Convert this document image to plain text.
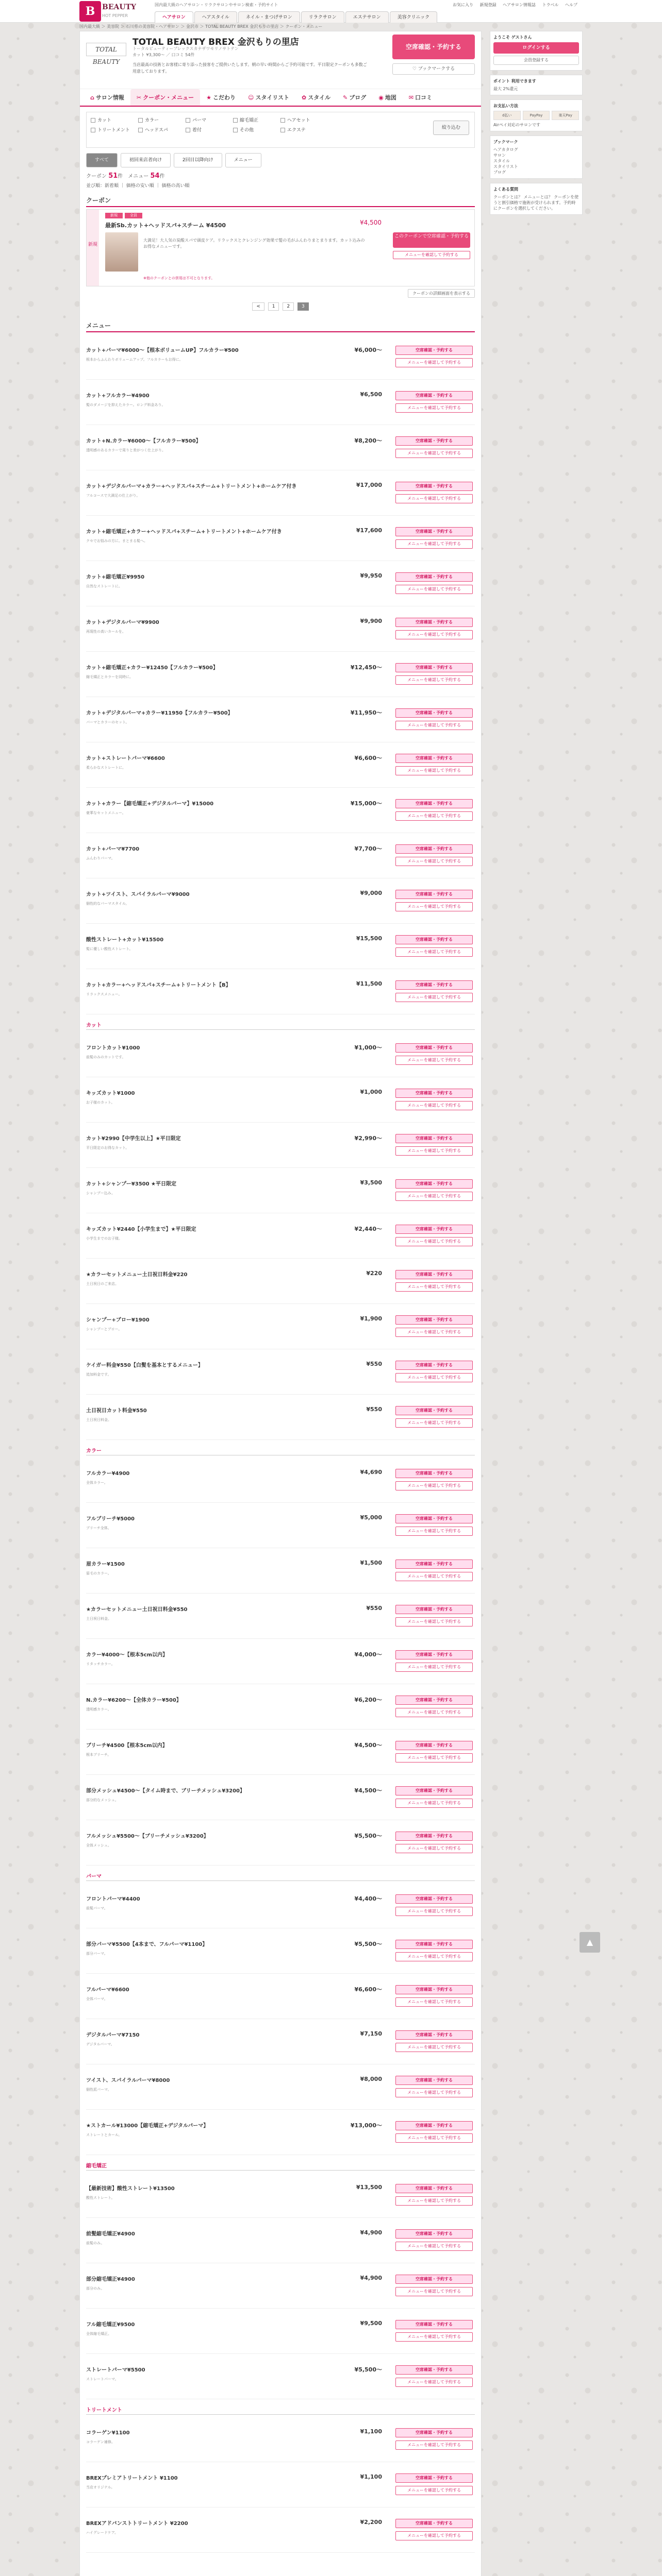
B BEAUTY
HOT PEPPER
国内最大級のヘアサロン・リラクサロンやサロン検索・予約サイト	お気に入り 新規登録 ヘアサロン情報誌 トラベル ヘルプ
ヘアサロン	ヘアスタイル	ネイル・まつげサロン	リラクサロン	エステサロン	美容クリニック
国内最大級 ＞ 美容院 ＞ 石川県の美容院・ヘアサロン ＞ 金沢市 ＞ TOTAL BEAUTY BREX 金沢もりの里店 ＞ クーポン・メニュー
TOTAL BEAUTY
TOTAL BEAUTY BREX 金沢もりの里店
トータルビューティーブレックスカナザワモリノサトテン
カット ¥3,300～ ／ 口コミ 54件
当店最高の技術とお客様に寄り添った接客をご提供いたします。朝の早い時間からご予約可能です。平日限定クーポンも多数ご用意しております。
空席確認・予約する
♡ ブックマークする
⌂ サロン情報	✂ クーポン・メニュー	★ こだわり	☺ スタイリスト	✿ スタイル	✎ ブログ	◉ 地図	✉ 口コミ
カット	カラー	パーマ	縮毛矯正	ヘアセット
トリートメント	ヘッドスパ	着付	その他	エクステ	絞り込む
すべて	初回来店者向け	2回目以降向け	メニュー
クーポン 51件　メニュー 54件
並び順：新着順 ｜ 価格の安い順 ｜ 価格の高い順
クーポン
新規
新規	全員
最新Sb.カット+ヘッドスパ+スチーム ¥4500	¥4,500
大満足！大人気の炭酸スパで頭皮ケア。リラックスとクレンジング効果で髪の毛がふんわりまとまります。カット込みのお得なメニューです。
このクーポンで空席確認・予約する
メニューを確認して予約する
※他のクーポンとの併用は不可となります。
クーポンの詳細画面を表示する
<	1	2	3
メニュー
カット+パーマ¥6000～【根本ボリュームUP】フルカラー¥500	¥6,000～
根本からふんわりボリュームアップ。フルカラーもお得に。
空席確認・予約する
メニューを確認して予約する
カット+フルカラー¥4900	¥6,500
髪のダメージを抑えたカラー。ロング料金あり。
空席確認・予約する
メニューを確認して予約する
カット+N.カラー¥6000～【フルカラー¥500】	¥8,200～
透明感のあるカラーで周りと差がつく仕上がり。
空席確認・予約する
メニューを確認して予約する
カット+デジタルパーマ+カラー+ヘッドスパ+スチーム+トリートメント+ホームケア付き	¥17,000
フルコースで大満足の仕上がり。
空席確認・予約する
メニューを確認して予約する
カット+縮毛矯正+カラー+ヘッドスパ+スチーム+トリートメント+ホームケア付き	¥17,600
クセでお悩みの方に。まとまる髪へ。
空席確認・予約する
メニューを確認して予約する
カット+縮毛矯正¥9950	¥9,950
自然なストレートに。
空席確認・予約する
メニューを確認して予約する
カット+デジタルパーマ¥9900	¥9,900
再現性の高いカールを。
空席確認・予約する
メニューを確認して予約する
カット+縮毛矯正+カラー¥12450【フルカラー¥500】	¥12,450～
縮毛矯正とカラーを同時に。
空席確認・予約する
メニューを確認して予約する
カット+デジタルパーマ+カラー¥11950【フルカラー¥500】	¥11,950～
パーマとカラーのセット。
空席確認・予約する
メニューを確認して予約する
カット+ストレートパーマ¥6600	¥6,600～
柔らかなストレートに。
空席確認・予約する
メニューを確認して予約する
カット+カラー【縮毛矯正+デジタルパーマ】¥15000	¥15,000～
豪華なセットメニュー。
空席確認・予約する
メニューを確認して予約する
カット+パーマ¥7700	¥7,700～
ふんわりパーマ。
空席確認・予約する
メニューを確認して予約する
カット+ツイスト、スパイラルパーマ¥9000	¥9,000
個性的なパーマスタイル。
空席確認・予約する
メニューを確認して予約する
酸性ストレート+カット¥15500	¥15,500
髪に優しい酸性ストレート。
空席確認・予約する
メニューを確認して予約する
カット+カラー+ヘッドスパ+スチーム+トリートメント【B】	¥11,500
リラックスメニュー。
空席確認・予約する
メニューを確認して予約する
カット
フロントカット¥1000	¥1,000～
前髪のみのカットです。
空席確認・予約する
メニューを確認して予約する
キッズカット¥1000	¥1,000
お子様のカット。
空席確認・予約する
メニューを確認して予約する
カット¥2990【中学生以上】★平日限定	¥2,990～
平日限定のお得なカット。
空席確認・予約する
メニューを確認して予約する
カット+シャンプー¥3500 ★平日限定	¥3,500
シャンプー込み。
空席確認・予約する
メニューを確認して予約する
キッズカット¥2440【小学生まで】★平日限定	¥2,440～
小学生までのお子様。
空席確認・予約する
メニューを確認して予約する
★カラーセットメニュー土日祝日料金¥220	¥220
土日祝日のご来店。
空席確認・予約する
メニューを確認して予約する
シャンプー+ブロー¥1900	¥1,900
シャンプーとブロー。
空席確認・予約する
メニューを確認して予約する
ケイガー料金¥550【白髪を基本とするメニュー】	¥550
追加料金です。
空席確認・予約する
メニューを確認して予約する
土日祝日カット料金¥550	¥550
土日祝日料金。
空席確認・予約する
メニューを確認して予約する
カラー
フルカラー¥4900	¥4,690
全体カラー。
空席確認・予約する
メニューを確認して予約する
フルブリーチ¥5000	¥5,000
ブリーチ全体。
空席確認・予約する
メニューを確認して予約する
眉カラー¥1500	¥1,500
眉毛のカラー。
空席確認・予約する
メニューを確認して予約する
★カラーセットメニュー土日祝日料金¥550	¥550
土日祝日料金。
空席確認・予約する
メニューを確認して予約する
カラー¥4000～【根本5cm以内】	¥4,000～
リタッチカラー。
空席確認・予約する
メニューを確認して予約する
N.カラー¥6200～【全体カラー¥500】	¥6,200～
透明感カラー。
空席確認・予約する
メニューを確認して予約する
ブリーチ¥4500【根本5cm以内】	¥4,500～
根本ブリーチ。
空席確認・予約する
メニューを確認して予約する
部分メッシュ¥4500～【タイム時まで、ブリーチメッシュ¥3200】	¥4,500～
部分的なメッシュ。
空席確認・予約する
メニューを確認して予約する
フルメッシュ¥5500～【ブリーチメッシュ¥3200】	¥5,500～
全体メッシュ。
空席確認・予約する
メニューを確認して予約する
パーマ
フロントパーマ¥4400	¥4,400～
前髪パーマ。
空席確認・予約する
メニューを確認して予約する
部分パーマ¥5500【4本まで、フルパーマ¥1100】	¥5,500～
部分パーマ。
空席確認・予約する
メニューを確認して予約する
フルパーマ¥6600	¥6,600～
全体パーマ。
空席確認・予約する
メニューを確認して予約する
デジタルパーマ¥7150	¥7,150
デジタルパーマ。
空席確認・予約する
メニューを確認して予約する
ツイスト、スパイラルパーマ¥8000	¥8,000
個性派パーマ。
空席確認・予約する
メニューを確認して予約する
★ストカール¥13000【縮毛矯正+デジタルパーマ】	¥13,000～
ストレートとカール。
空席確認・予約する
メニューを確認して予約する
縮毛矯正
【最新技術】酸性ストレート¥13500	¥13,500
酸性ストレート。
空席確認・予約する
メニューを確認して予約する
前髪縮毛矯正¥4900	¥4,900
前髪のみ。
空席確認・予約する
メニューを確認して予約する
部分縮毛矯正¥4900	¥4,900
部分のみ。
空席確認・予約する
メニューを確認して予約する
フル縮毛矯正¥9500	¥9,500
全体縮毛矯正。
空席確認・予約する
メニューを確認して予約する
ストレートパーマ¥5500	¥5,500～
ストレートパーマ。
空席確認・予約する
メニューを確認して予約する
トリートメント
コラーゲン¥1100	¥1,100
コラーゲン補修。
空席確認・予約する
メニューを確認して予約する
BREXプレミアトリートメント ¥1100	¥1,100
当店オリジナル。
空席確認・予約する
メニューを確認して予約する
BREXアドバンストトリートメント ¥2200	¥2,200
ハイグレードケア。
空席確認・予約する
メニューを確認して予約する
ようこそ ゲストさん
ログインする
会員登録する
ポイント 利用できます
最大 2%還元
お支払い方法
d払い	PayPay	楽天Pay
Airペイ対応のサロンです
ブックマーク
ヘアカタログ
サロン
スタイル
スタイリスト
ブログ
よくある質問
クーポンとは？ メニューとは？ クーポンを使うと割引価格で施術が受けられます。予約時にクーポンを選択してください。
▲
